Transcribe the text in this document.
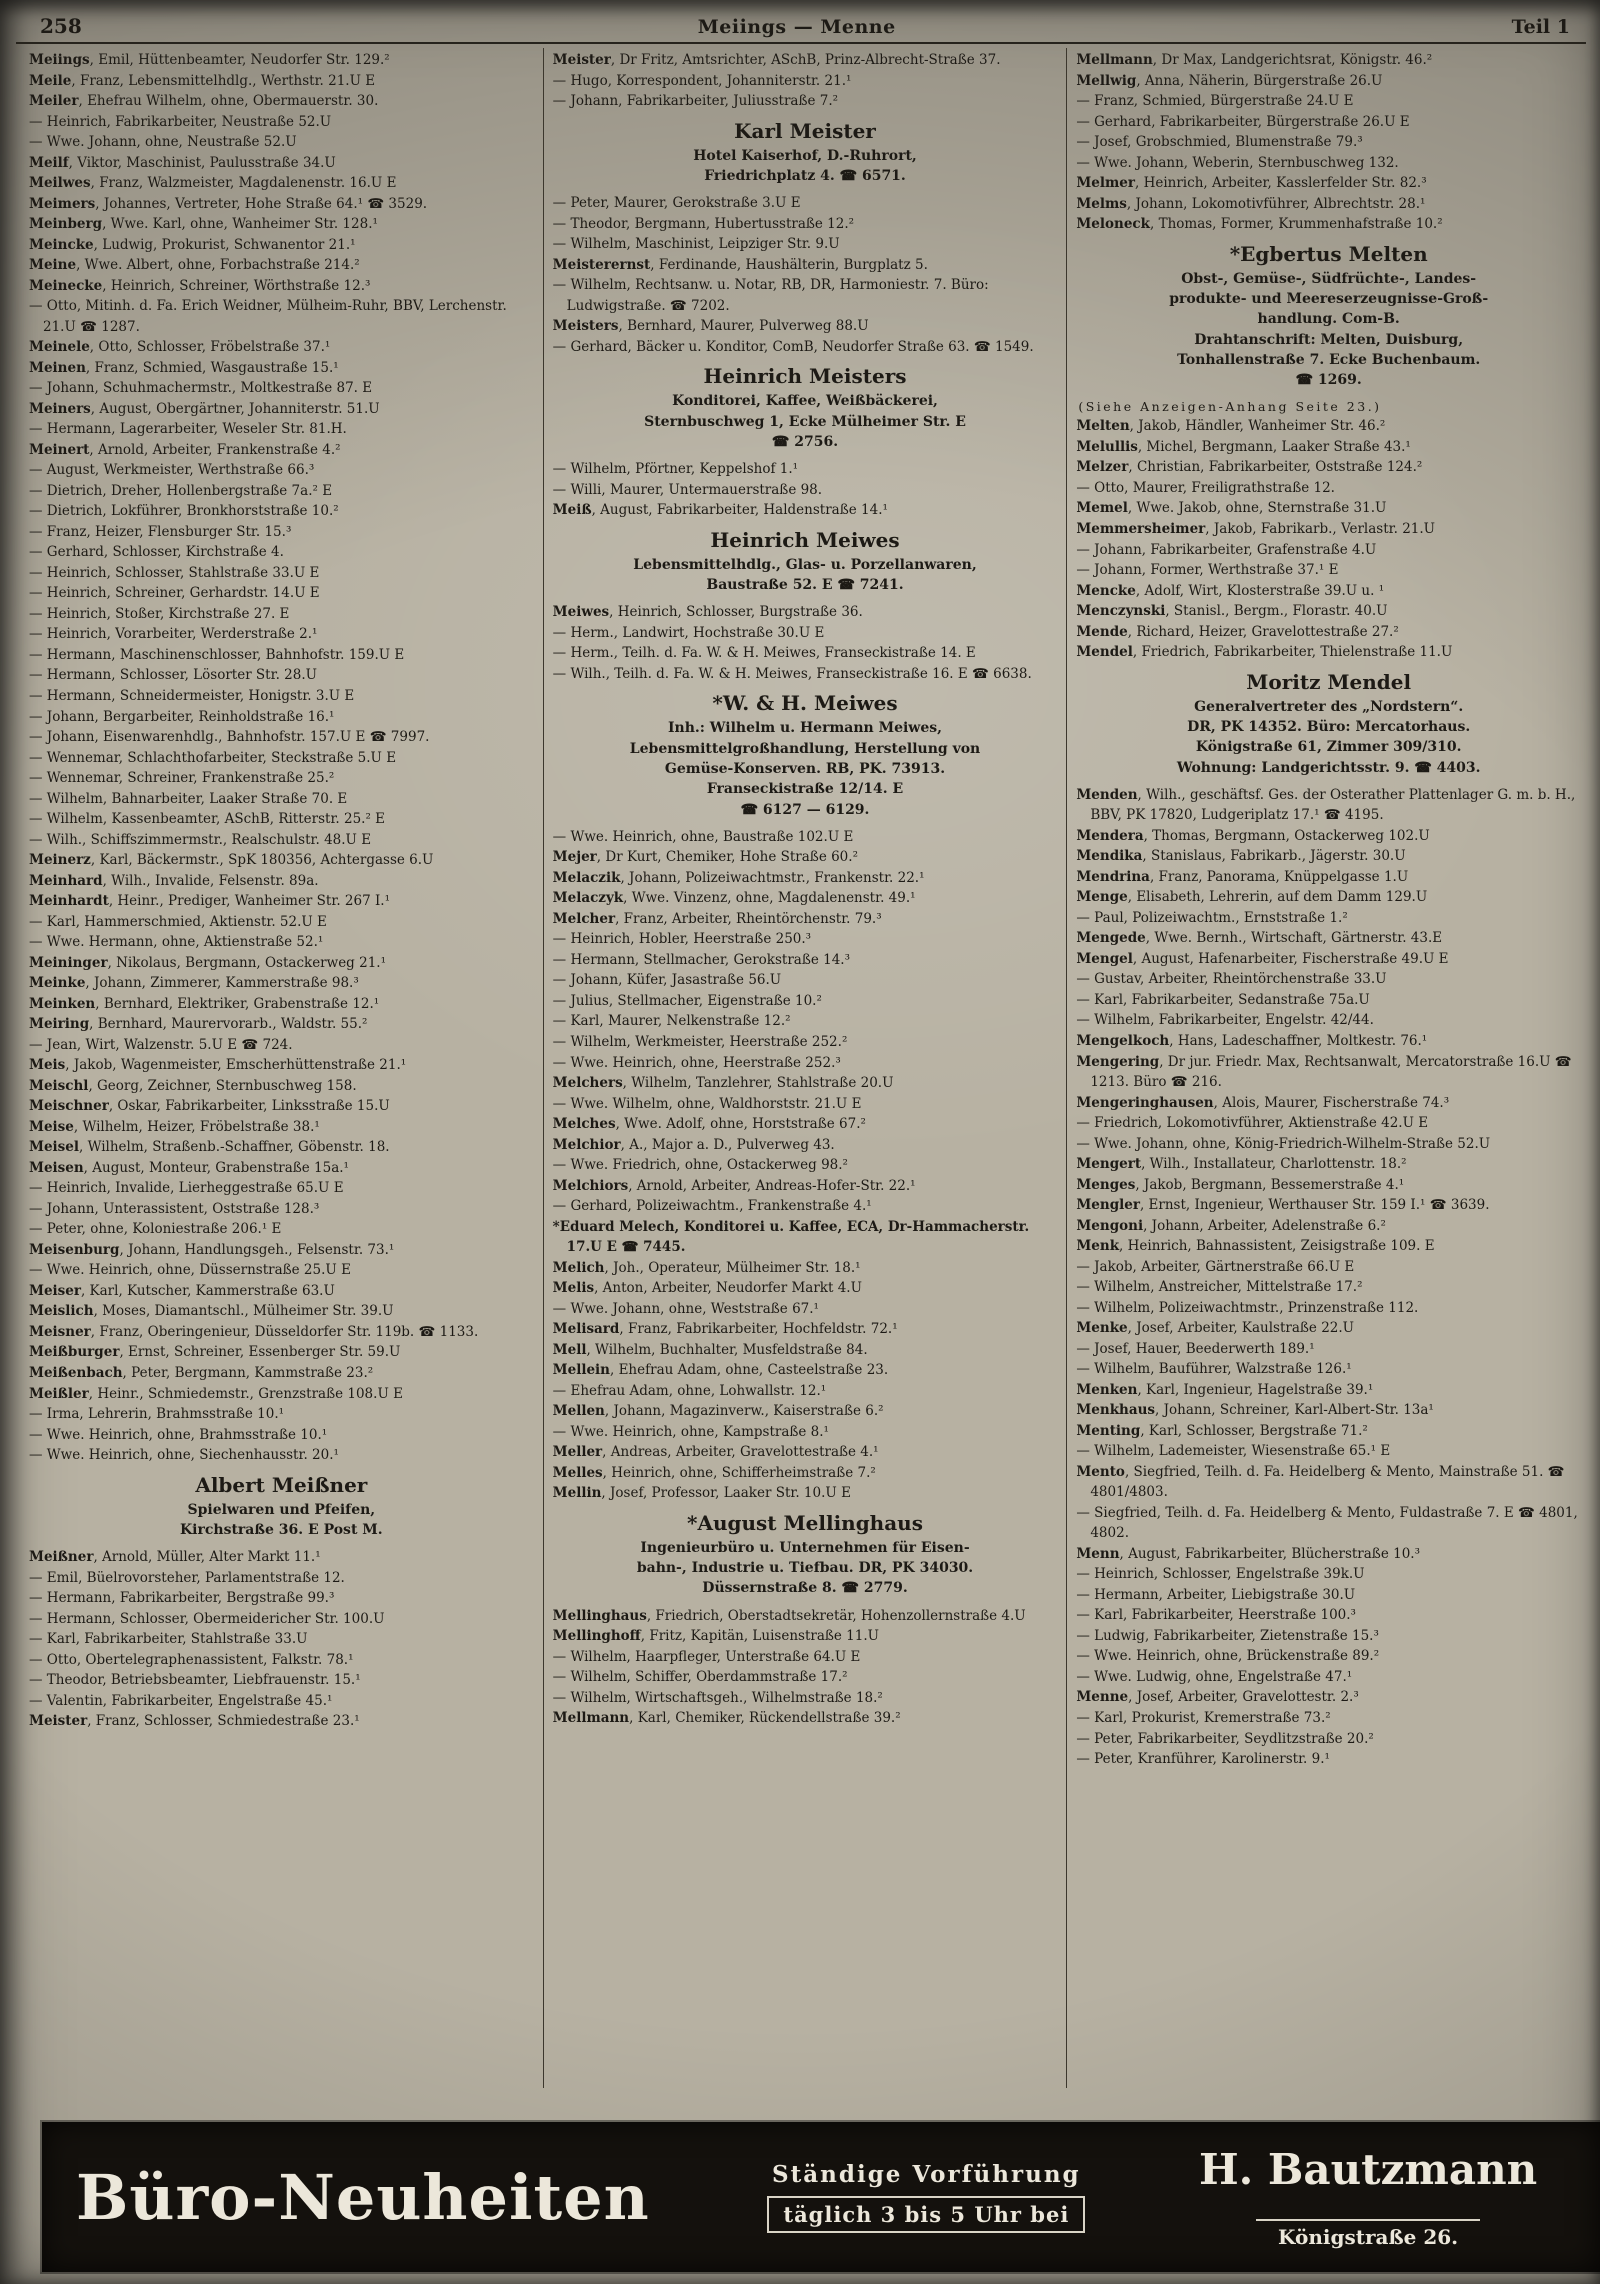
258	Meiings — Menne	Teil 1

Meiings, Emil, Hüttenbeamter, Neudorfer Str. 129.²

Meile, Franz, Lebensmittelhdlg., Werthstr. 21.U E

Meiler, Ehefrau Wilhelm, ohne, Obermauerstr. 30.

— Heinrich, Fabrikarbeiter, Neustraße 52.U

— Wwe. Johann, ohne, Neustraße 52.U

Meilf, Viktor, Maschinist, Paulusstraße 34.U

Meilwes, Franz, Walzmeister, Magdalenenstr. 16.U E

Meimers, Johannes, Vertreter, Hohe Straße 64.¹ ☎ 3529.

Meinberg, Wwe. Karl, ohne, Wanheimer Str. 128.¹

Meincke, Ludwig, Prokurist, Schwanentor 21.¹

Meine, Wwe. Albert, ohne, Forbachstraße 214.²

Meinecke, Heinrich, Schreiner, Wörthstraße 12.³

— Otto, Mitinh. d. Fa. Erich Weidner, Mülheim-Ruhr, BBV, Lerchenstr. 21.U ☎ 1287.

Meinele, Otto, Schlosser, Fröbelstraße 37.¹

Meinen, Franz, Schmied, Wasgaustraße 15.¹

— Johann, Schuhmachermstr., Moltkestraße 87. E

Meiners, August, Obergärtner, Johanniterstr. 51.U

— Hermann, Lagerarbeiter, Weseler Str. 81.H.

Meinert, Arnold, Arbeiter, Frankenstraße 4.²

— August, Werkmeister, Werthstraße 66.³

— Dietrich, Dreher, Hollenbergstraße 7a.² E

— Dietrich, Lokführer, Bronkhorststraße 10.²

— Franz, Heizer, Flensburger Str. 15.³

— Gerhard, Schlosser, Kirchstraße 4.

— Heinrich, Schlosser, Stahlstraße 33.U E

— Heinrich, Schreiner, Gerhardstr. 14.U E

— Heinrich, Stoßer, Kirchstraße 27. E

— Heinrich, Vorarbeiter, Werderstraße 2.¹

— Hermann, Maschinenschlosser, Bahnhofstr. 159.U E

— Hermann, Schlosser, Lösorter Str. 28.U

— Hermann, Schneidermeister, Honigstr. 3.U E

— Johann, Bergarbeiter, Reinholdstraße 16.¹

— Johann, Eisenwarenhdlg., Bahnhofstr. 157.U E ☎ 7997.

— Wennemar, Schlachthofarbeiter, Steckstraße 5.U E

— Wennemar, Schreiner, Frankenstraße 25.²

— Wilhelm, Bahnarbeiter, Laaker Straße 70. E

— Wilhelm, Kassenbeamter, ASchB, Ritterstr. 25.² E

— Wilh., Schiffszimmermstr., Realschulstr. 48.U E

Meinerz, Karl, Bäckermstr., SpK 180356, Achtergasse 6.U

Meinhard, Wilh., Invalide, Felsenstr. 89a.

Meinhardt, Heinr., Prediger, Wanheimer Str. 267 I.¹

— Karl, Hammerschmied, Aktienstr. 52.U E

— Wwe. Hermann, ohne, Aktienstraße 52.¹

Meininger, Nikolaus, Bergmann, Ostackerweg 21.¹

Meinke, Johann, Zimmerer, Kammerstraße 98.³

Meinken, Bernhard, Elektriker, Grabenstraße 12.¹

Meiring, Bernhard, Maurervorarb., Waldstr. 55.²

— Jean, Wirt, Walzenstr. 5.U E ☎ 724.

Meis, Jakob, Wagenmeister, Emscherhüttenstraße 21.¹

Meischl, Georg, Zeichner, Sternbuschweg 158.

Meischner, Oskar, Fabrikarbeiter, Linksstraße 15.U

Meise, Wilhelm, Heizer, Fröbelstraße 38.¹

Meisel, Wilhelm, Straßenb.-Schaffner, Göbenstr. 18.

Meisen, August, Monteur, Grabenstraße 15a.¹

— Heinrich, Invalide, Lierheggestraße 65.U E

— Johann, Unterassistent, Oststraße 128.³

— Peter, ohne, Koloniestraße 206.¹ E

Meisenburg, Johann, Handlungsgeh., Felsenstr. 73.¹

— Wwe. Heinrich, ohne, Düssernstraße 25.U E

Meiser, Karl, Kutscher, Kammerstraße 63.U

Meislich, Moses, Diamantschl., Mülheimer Str. 39.U

Meisner, Franz, Oberingenieur, Düsseldorfer Str. 119b. ☎ 1133.

Meißburger, Ernst, Schreiner, Essenberger Str. 59.U

Meißenbach, Peter, Bergmann, Kammstraße 23.²

Meißler, Heinr., Schmiedemstr., Grenzstraße 108.U E

— Irma, Lehrerin, Brahmsstraße 10.¹

— Wwe. Heinrich, ohne, Brahmsstraße 10.¹

— Wwe. Heinrich, ohne, Siechenhausstr. 20.¹

Albert Meißner
Spielwaren und Pfeifen,
Kirchstraße 36. E Post M.

Meißner, Arnold, Müller, Alter Markt 11.¹

— Emil, Büelrovorsteher, Parlamentstraße 12.

— Hermann, Fabrikarbeiter, Bergstraße 99.³

— Hermann, Schlosser, Obermeidericher Str. 100.U

— Karl, Fabrikarbeiter, Stahlstraße 33.U

— Otto, Obertelegraphenassistent, Falkstr. 78.¹

— Theodor, Betriebsbeamter, Liebfrauenstr. 15.¹

— Valentin, Fabrikarbeiter, Engelstraße 45.¹

Meister, Franz, Schlosser, Schmiedestraße 23.¹

Meister, Dr Fritz, Amtsrichter, ASchB, Prinz-Albrecht-Straße 37.

— Hugo, Korrespondent, Johanniterstr. 21.¹

— Johann, Fabrikarbeiter, Juliusstraße 7.²

Karl Meister
Hotel Kaiserhof, D.-Ruhrort,
Friedrichplatz 4. ☎ 6571.

— Peter, Maurer, Gerokstraße 3.U E

— Theodor, Bergmann, Hubertusstraße 12.²

— Wilhelm, Maschinist, Leipziger Str. 9.U

Meisterernst, Ferdinande, Haushälterin, Burgplatz 5.

— Wilhelm, Rechtsanw. u. Notar, RB, DR, Harmoniestr. 7. Büro: Ludwigstraße. ☎ 7202.

Meisters, Bernhard, Maurer, Pulverweg 88.U

— Gerhard, Bäcker u. Konditor, ComB, Neudorfer Straße 63. ☎ 1549.

Heinrich Meisters
Konditorei, Kaffee, Weißbäckerei,
Sternbuschweg 1, Ecke Mülheimer Str. E
☎ 2756.

— Wilhelm, Pförtner, Keppelshof 1.¹

— Willi, Maurer, Untermauerstraße 98.

Meiß, August, Fabrikarbeiter, Haldenstraße 14.¹

Heinrich Meiwes
Lebensmittelhdlg., Glas- u. Porzellanwaren,
Baustraße 52. E ☎ 7241.

Meiwes, Heinrich, Schlosser, Burgstraße 36.

— Herm., Landwirt, Hochstraße 30.U E

— Herm., Teilh. d. Fa. W. & H. Meiwes, Franseckistraße 14. E

— Wilh., Teilh. d. Fa. W. & H. Meiwes, Franseckistraße 16. E ☎ 6638.

*W. & H. Meiwes
Inh.: Wilhelm u. Hermann Meiwes,
Lebensmittelgroßhandlung, Herstellung von
Gemüse-Konserven. RB, PK. 73913.
Franseckistraße 12/14. E
☎ 6127 — 6129.

— Wwe. Heinrich, ohne, Baustraße 102.U E

Mejer, Dr Kurt, Chemiker, Hohe Straße 60.²

Melaczik, Johann, Polizeiwachtmstr., Frankenstr. 22.¹

Melaczyk, Wwe. Vinzenz, ohne, Magdalenenstr. 49.¹

Melcher, Franz, Arbeiter, Rheintörchenstr. 79.³

— Heinrich, Hobler, Heerstraße 250.³

— Hermann, Stellmacher, Gerokstraße 14.³

— Johann, Küfer, Jasastraße 56.U

— Julius, Stellmacher, Eigenstraße 10.²

— Karl, Maurer, Nelkenstraße 12.²

— Wilhelm, Werkmeister, Heerstraße 252.²

— Wwe. Heinrich, ohne, Heerstraße 252.³

Melchers, Wilhelm, Tanzlehrer, Stahlstraße 20.U

— Wwe. Wilhelm, ohne, Waldhorststr. 21.U E

Melches, Wwe. Adolf, ohne, Horststraße 67.²

Melchior, A., Major a. D., Pulverweg 43.

— Wwe. Friedrich, ohne, Ostackerweg 98.²

Melchiors, Arnold, Arbeiter, Andreas-Hofer-Str. 22.¹

— Gerhard, Polizeiwachtm., Frankenstraße 4.¹

*Eduard Melech, Konditorei u. Kaffee, ECA, Dr-Hammacherstr. 17.U E ☎ 7445.

Melich, Joh., Operateur, Mülheimer Str. 18.¹

Melis, Anton, Arbeiter, Neudorfer Markt 4.U

— Wwe. Johann, ohne, Weststraße 67.¹

Melisard, Franz, Fabrikarbeiter, Hochfeldstr. 72.¹

Mell, Wilhelm, Buchhalter, Musfeldstraße 84.

Mellein, Ehefrau Adam, ohne, Casteelstraße 23.

— Ehefrau Adam, ohne, Lohwallstr. 12.¹

Mellen, Johann, Magazinverw., Kaiserstraße 6.²

— Wwe. Heinrich, ohne, Kampstraße 8.¹

Meller, Andreas, Arbeiter, Gravelottestraße 4.¹

Melles, Heinrich, ohne, Schifferheimstraße 7.²

Mellin, Josef, Professor, Laaker Str. 10.U E

*August Mellinghaus
Ingenieurbüro u. Unternehmen für Eisen-
bahn-, Industrie u. Tiefbau. DR, PK 34030.
Düssernstraße 8. ☎ 2779.

Mellinghaus, Friedrich, Oberstadtsekretär, Hohenzollernstraße 4.U

Mellinghoff, Fritz, Kapitän, Luisenstraße 11.U

— Wilhelm, Haarpfleger, Unterstraße 64.U E

— Wilhelm, Schiffer, Oberdammstraße 17.²

— Wilhelm, Wirtschaftsgeh., Wilhelmstraße 18.²

Mellmann, Karl, Chemiker, Rückendellstraße 39.²

Mellmann, Dr Max, Landgerichtsrat, Königstr. 46.²

Mellwig, Anna, Näherin, Bürgerstraße 26.U

— Franz, Schmied, Bürgerstraße 24.U E

— Gerhard, Fabrikarbeiter, Bürgerstraße 26.U E

— Josef, Grobschmied, Blumenstraße 79.³

— Wwe. Johann, Weberin, Sternbuschweg 132.

Melmer, Heinrich, Arbeiter, Kasslerfelder Str. 82.³

Melms, Johann, Lokomotivführer, Albrechtstr. 28.¹

Meloneck, Thomas, Former, Krummenhafstraße 10.²

*Egbertus Melten
Obst-, Gemüse-, Südfrüchte-, Landes-
produkte- und Meereserzeugnisse-Groß-
handlung. Com-B.
Drahtanschrift: Melten, Duisburg,
Tonhallenstraße 7. Ecke Buchenbaum.
☎ 1269.

(Siehe Anzeigen-Anhang Seite 23.)

Melten, Jakob, Händler, Wanheimer Str. 46.²

Melullis, Michel, Bergmann, Laaker Straße 43.¹

Melzer, Christian, Fabrikarbeiter, Oststraße 124.²

— Otto, Maurer, Freiligrathstraße 12.

Memel, Wwe. Jakob, ohne, Sternstraße 31.U

Memmersheimer, Jakob, Fabrikarb., Verlastr. 21.U

— Johann, Fabrikarbeiter, Grafenstraße 4.U

— Johann, Former, Werthstraße 37.¹ E

Mencke, Adolf, Wirt, Klosterstraße 39.U u. ¹

Menczynski, Stanisl., Bergm., Florastr. 40.U

Mende, Richard, Heizer, Gravelottestraße 27.²

Mendel, Friedrich, Fabrikarbeiter, Thielenstraße 11.U

Moritz Mendel
Generalvertreter des „Nordstern“.
DR, PK 14352. Büro: Mercatorhaus.
Königstraße 61, Zimmer 309/310.
Wohnung: Landgerichtsstr. 9. ☎ 4403.

Menden, Wilh., geschäftsf. Ges. der Osterather Plattenlager G. m. b. H., BBV, PK 17820, Ludgeriplatz 17.¹ ☎ 4195.

Mendera, Thomas, Bergmann, Ostackerweg 102.U

Mendika, Stanislaus, Fabrikarb., Jägerstr. 30.U

Mendrina, Franz, Panorama, Knüppelgasse 1.U

Menge, Elisabeth, Lehrerin, auf dem Damm 129.U

— Paul, Polizeiwachtm., Ernststraße 1.²

Mengede, Wwe. Bernh., Wirtschaft, Gärtnerstr. 43.E

Mengel, August, Hafenarbeiter, Fischerstraße 49.U E

— Gustav, Arbeiter, Rheintörchenstraße 33.U

— Karl, Fabrikarbeiter, Sedanstraße 75a.U

— Wilhelm, Fabrikarbeiter, Engelstr. 42/44.

Mengelkoch, Hans, Ladeschaffner, Moltkestr. 76.¹

Mengering, Dr jur. Friedr. Max, Rechtsanwalt, Mercatorstraße 16.U ☎ 1213. Büro ☎ 216.

Mengeringhausen, Alois, Maurer, Fischerstraße 74.³

— Friedrich, Lokomotivführer, Aktienstraße 42.U E

— Wwe. Johann, ohne, König-Friedrich-Wilhelm-Straße 52.U

Mengert, Wilh., Installateur, Charlottenstr. 18.²

Menges, Jakob, Bergmann, Bessemerstraße 4.¹

Mengler, Ernst, Ingenieur, Werthauser Str. 159 I.¹ ☎ 3639.

Mengoni, Johann, Arbeiter, Adelenstraße 6.²

Menk, Heinrich, Bahnassistent, Zeisigstraße 109. E

— Jakob, Arbeiter, Gärtnerstraße 66.U E

— Wilhelm, Anstreicher, Mittelstraße 17.²

— Wilhelm, Polizeiwachtmstr., Prinzenstraße 112.

Menke, Josef, Arbeiter, Kaulstraße 22.U

— Josef, Hauer, Beederwerth 189.¹

— Wilhelm, Bauführer, Walzstraße 126.¹

Menken, Karl, Ingenieur, Hagelstraße 39.¹

Menkhaus, Johann, Schreiner, Karl-Albert-Str. 13a¹

Menting, Karl, Schlosser, Bergstraße 71.²

— Wilhelm, Lademeister, Wiesenstraße 65.¹ E

Mento, Siegfried, Teilh. d. Fa. Heidelberg & Mento, Mainstraße 51. ☎ 4801/4803.

— Siegfried, Teilh. d. Fa. Heidelberg & Mento, Fuldastraße 7. E ☎ 4801, 4802.

Menn, August, Fabrikarbeiter, Blücherstraße 10.³

— Heinrich, Schlosser, Engelstraße 39k.U

— Hermann, Arbeiter, Liebigstraße 30.U

— Karl, Fabrikarbeiter, Heerstraße 100.³

— Ludwig, Fabrikarbeiter, Zietenstraße 15.³

— Wwe. Heinrich, ohne, Brückenstraße 89.²

— Wwe. Ludwig, ohne, Engelstraße 47.¹

Menne, Josef, Arbeiter, Gravelottestr. 2.³

— Karl, Prokurist, Kremerstraße 73.²

— Peter, Fabrikarbeiter, Seydlitzstraße 20.²

— Peter, Kranführer, Karolinerstr. 9.¹

Büro-Neuheiten	Ständige Vorführung
täglich 3 bis 5 Uhr bei
H. Bautzmann

Königstraße 26.
